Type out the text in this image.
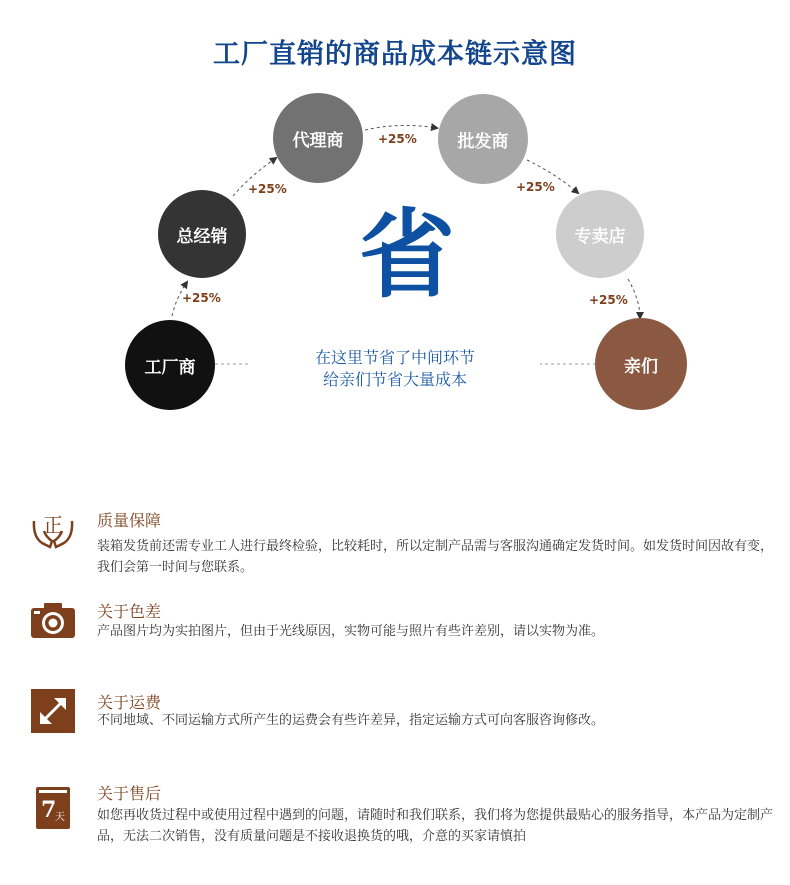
工厂直销的商品成本链示意图
工厂商
总经销
代理商	批发商
专卖店
亲们
+25%
+25%
+25%
+25%
+25%
省
在这里节省了中间环节
给亲们节省大量成本
正 质量保障
装箱发货前还需专业工人进行最终检验，比较耗时，所以定制产品需与客服沟通确定发货时间。如发货时间因故有变，我们会第一时间与您联系。
关于色差
产品图片均为实拍图片，但由于光线原因，实物可能与照片有些许差别，请以实物为准。
关于运费
不同地域、不同运输方式所产生的运费会有些许差异，指定运输方式可向客服咨询修改。
7
天
关于售后
如您再收货过程中或使用过程中遇到的问题，请随时和我们联系，我们将为您提供最贴心的服务指导，本产品为定制产品，无法二次销售，没有质量问题是不接收退换货的哦，介意的买家请慎拍
